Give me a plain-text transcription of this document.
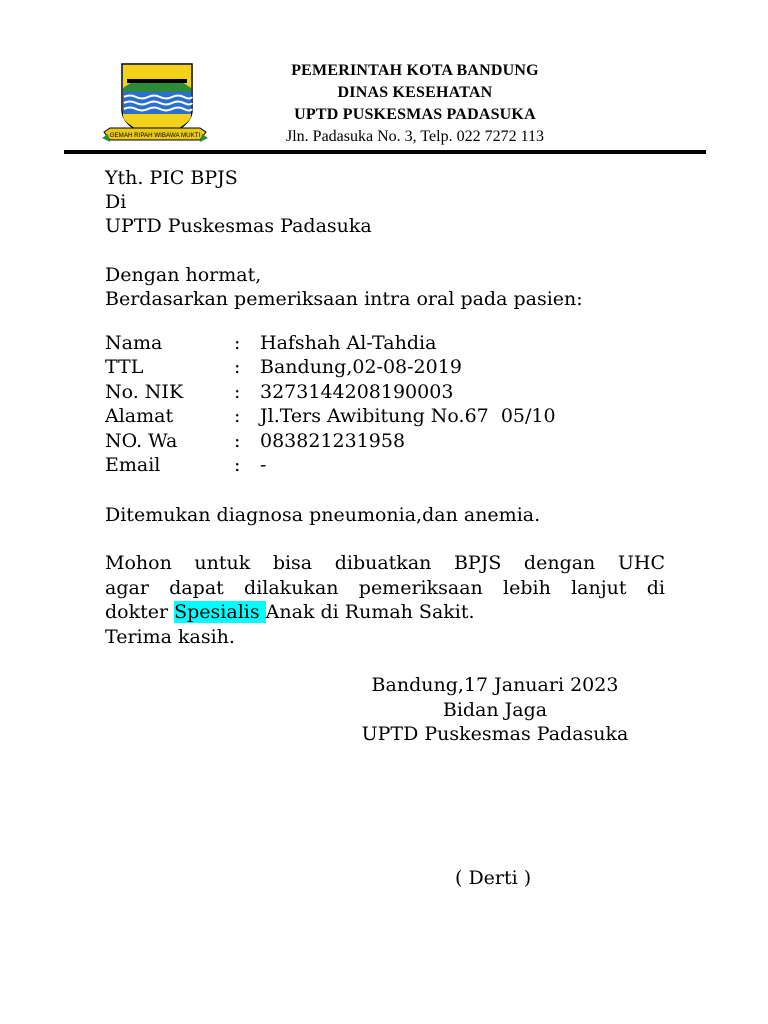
GEMAH RIPAH WIBAWA MUKTI
PEMERINTAH KOTA BANDUNG
DINAS KESEHATAN
UPTD PUSKESMAS PADASUKA
Jln. Padasuka No. 3, Telp. 022 7272 113
Yth. PIC BPJS
Di
UPTD Puskesmas Padasuka
Dengan hormat,
Berdasarkan pemeriksaan intra oral pada pasien:
Nama	: Hafshah Al-Tahdia
TTL	: Bandung,02-08-2019
No. NIK	: 3273144208190003
Alamat	: Jl.Ters Awibitung No.67  05/10
NO. Wa	: 083821231958
Email	: -
Ditemukan diagnosa pneumonia,dan anemia.
Mohon untuk bisa dibuatkan BPJS dengan UHC
agar dapat dilakukan pemeriksaan lebih lanjut di
dokter Spesialis Anak di Rumah Sakit.
Terima kasih.
Bandung,17 Januari 2023
Bidan Jaga
UPTD Puskesmas Padasuka
( Derti )
